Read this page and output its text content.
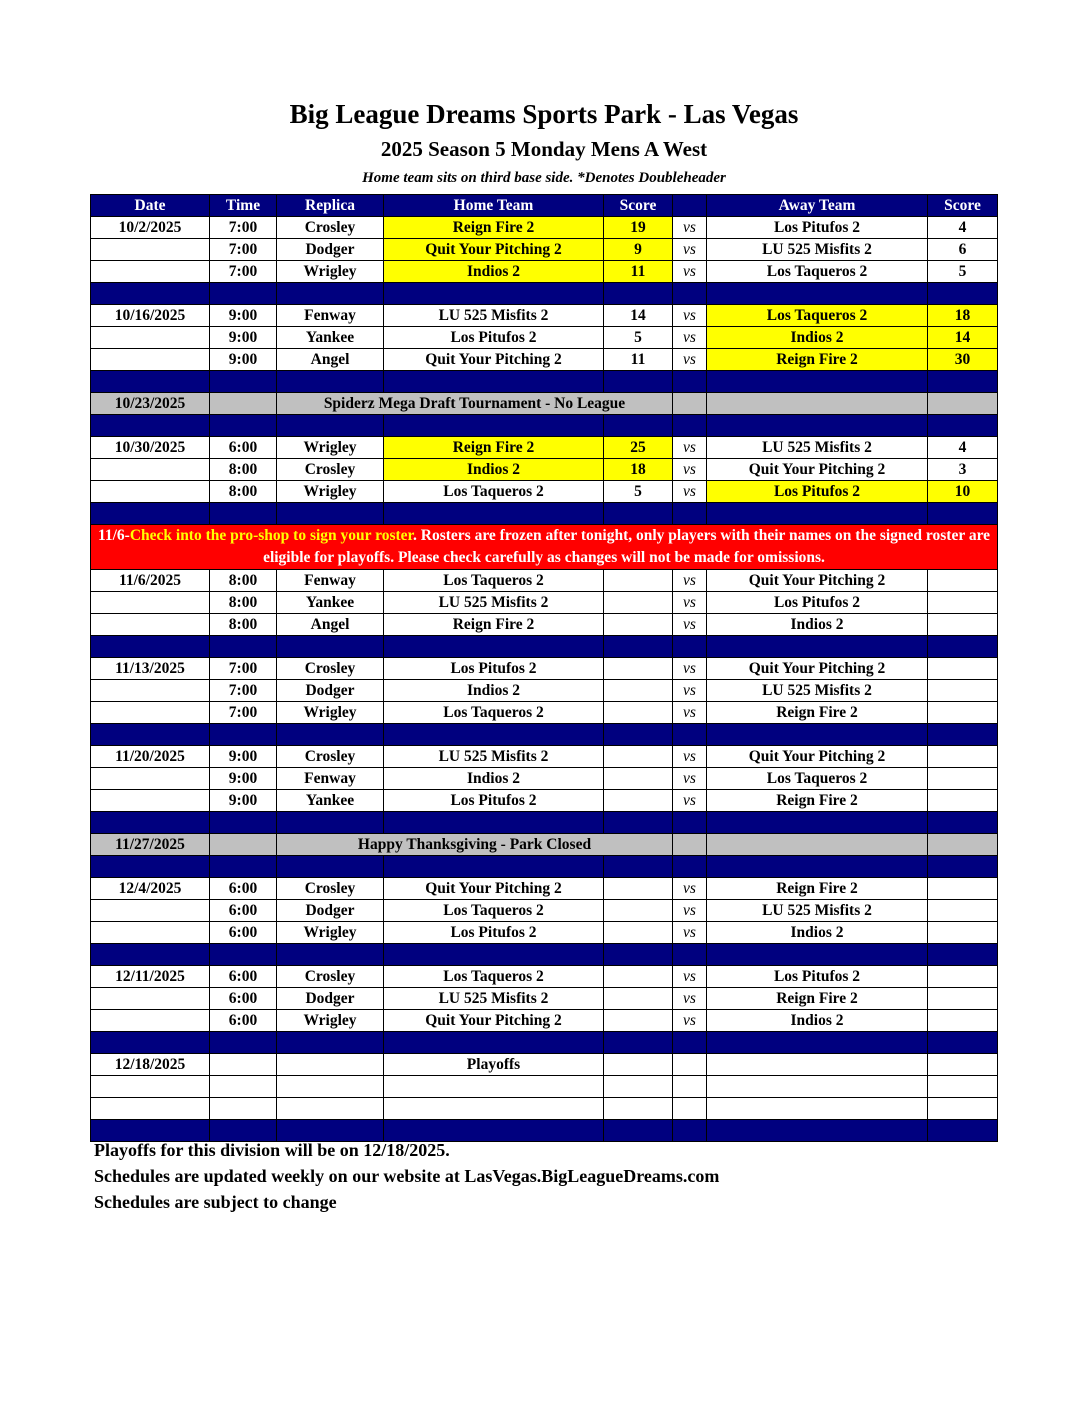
Big League Dreams Sports Park - Las Vegas
2025 Season 5 Monday Mens A West
Home team sits on third base side. *Denotes Doubleheader
Date	Time	Replica	Home Team	Score		Away Team	Score
10/2/2025	7:00	Crosley	Reign Fire 2	19	vs	Los Pitufos 2	4
	7:00	Dodger	Quit Your Pitching 2	9	vs	LU 525 Misfits 2	6
	7:00	Wrigley	Indios 2	11	vs	Los Taqueros 2	5

10/16/2025	9:00	Fenway	LU 525 Misfits 2	14	vs	Los Taqueros 2	18
	9:00	Yankee	Los Pitufos 2	5	vs	Indios 2	14
	9:00	Angel	Quit Your Pitching 2	11	vs	Reign Fire 2	30

10/23/2025		Spiderz Mega Draft Tournament - No League					

10/30/2025	6:00	Wrigley	Reign Fire 2	25	vs	LU 525 Misfits 2	4
	8:00	Crosley	Indios 2	18	vs	Quit Your Pitching 2	3
	8:00	Wrigley	Los Taqueros 2	5	vs	Los Pitufos 2	10

11/6-Check into the pro-shop to sign your roster. Rosters are frozen after tonight, only players with their names on the signed roster are eligible for playoffs. Please check carefully as changes will not be made for omissions.							
11/6/2025	8:00	Fenway	Los Taqueros 2		vs	Quit Your Pitching 2	
	8:00	Yankee	LU 525 Misfits 2		vs	Los Pitufos 2	
	8:00	Angel	Reign Fire 2		vs	Indios 2	

11/13/2025	7:00	Crosley	Los Pitufos 2		vs	Quit Your Pitching 2	
	7:00	Dodger	Indios 2		vs	LU 525 Misfits 2	
	7:00	Wrigley	Los Taqueros 2		vs	Reign Fire 2	

11/20/2025	9:00	Crosley	LU 525 Misfits 2		vs	Quit Your Pitching 2	
	9:00	Fenway	Indios 2		vs	Los Taqueros 2	
	9:00	Yankee	Los Pitufos 2		vs	Reign Fire 2	

11/27/2025		Happy Thanksgiving - Park Closed					

12/4/2025	6:00	Crosley	Quit Your Pitching 2		vs	Reign Fire 2	
	6:00	Dodger	Los Taqueros 2		vs	LU 525 Misfits 2	
	6:00	Wrigley	Los Pitufos 2		vs	Indios 2	

12/11/2025	6:00	Crosley	Los Taqueros 2		vs	Los Pitufos 2	
	6:00	Dodger	LU 525 Misfits 2		vs	Reign Fire 2	
	6:00	Wrigley	Quit Your Pitching 2		vs	Indios 2	

12/18/2025			Playoffs				

Playoffs for this division will be on 12/18/2025.
Schedules are updated weekly on our website at LasVegas.BigLeagueDreams.com
Schedules are subject to change
